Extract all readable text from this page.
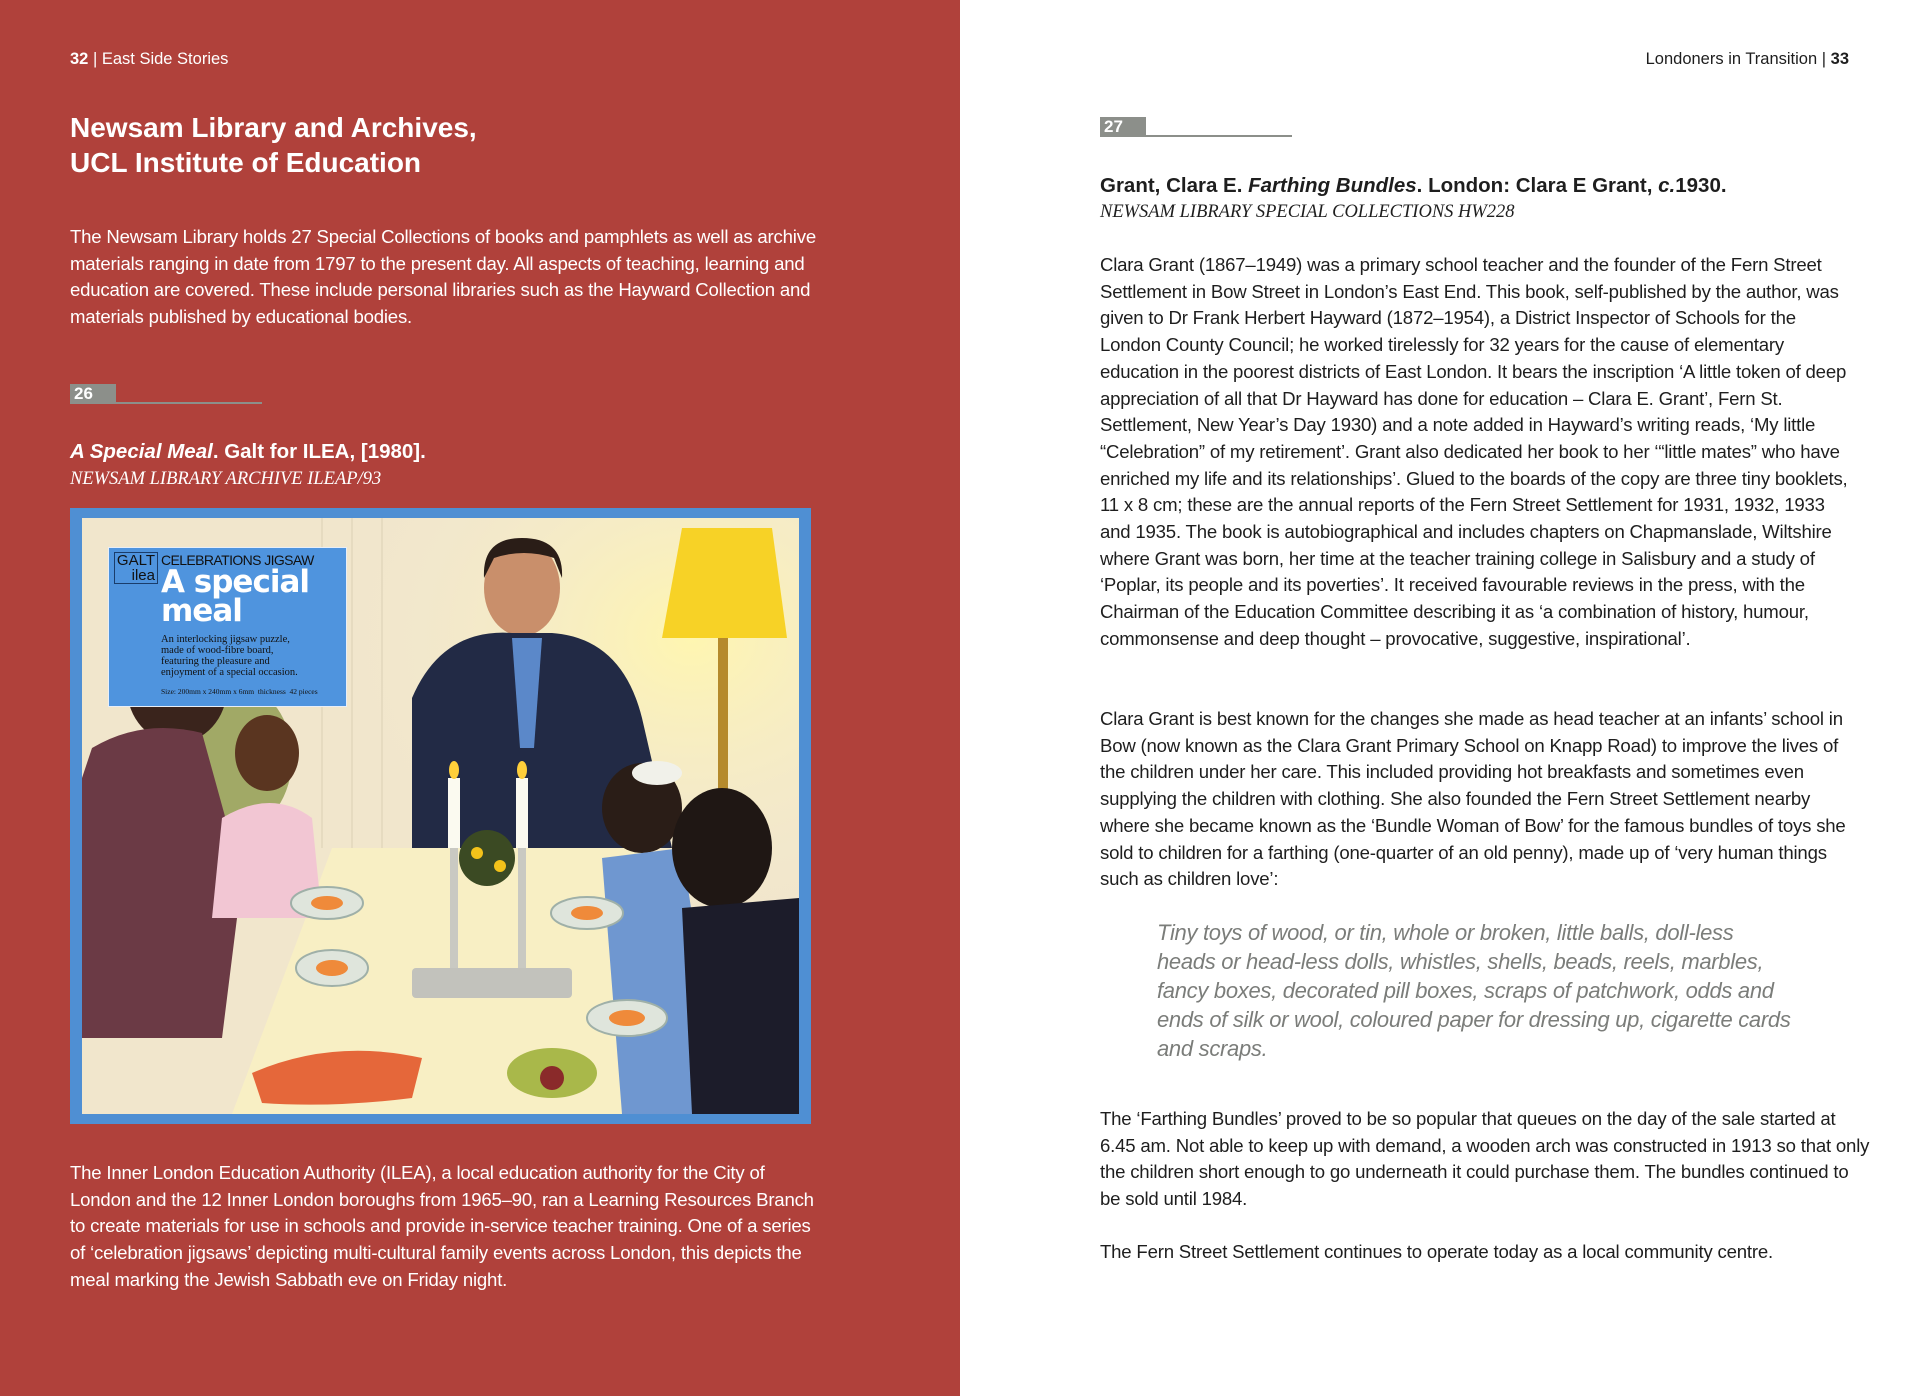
32 | East Side Stories
Newsam Library and Archives,
UCL Institute of Education
The Newsam Library holds 27 Special Collections of books and pamphlets as well as archive materials ranging in date from 1797 to the present day. All aspects of teaching, learning and education are covered. These include personal libraries such as the Hayward Collection and materials published by educational bodies.
26
A Special Meal. Galt for ILEA, [1980].
NEWSAM LIBRARY ARCHIVE ILEAP/93
GALT
ilea
CELEBRATIONS JIGSAW
A special
meal
An interlocking jigsaw puzzle, made of wood-fibre board, featuring the pleasure and enjoyment of a special occasion.
Size: 200mm x 240mm x 6mm  thickness  42 pieces
The Inner London Education Authority (ILEA), a local education authority for the City of London and the 12 Inner London boroughs from 1965–90, ran a Learning Resources Branch to create materials for use in schools and provide in-service teacher training. One of a series of ‘celebration jigsaws’ depicting multi-cultural family events across London, this depicts the meal marking the Jewish Sabbath eve on Friday night.
Londoners in Transition | 33
27
Grant, Clara E. Farthing Bundles. London: Clara E Grant, c.1930.
NEWSAM LIBRARY SPECIAL COLLECTIONS HW228
Clara Grant (1867–1949) was a primary school teacher and the founder of the Fern Street Settlement in Bow Street in London’s East End. This book, self-published by the author, was given to Dr Frank Herbert Hayward (1872–1954), a District Inspector of Schools for the London County Council; he worked tirelessly for 32 years for the cause of elementary education in the poorest districts of East London. It bears the inscription ‘A little token of deep appreciation of all that Dr Hayward has done for education – Clara E. Grant’, Fern St. Settlement, New Year’s Day 1930) and a note added in Hayward’s writing reads, ‘My little “Celebration” of my retirement’. Grant also dedicated her book to her ‘“little mates” who have enriched my life and its relationships’. Glued to the boards of the copy are three tiny booklets, 11 x 8 cm; these are the annual reports of the Fern Street Settlement for 1931, 1932, 1933 and 1935. The book is autobiographical and includes chapters on Chapmanslade, Wiltshire where Grant was born, her time at the teacher training college in Salisbury and a study of ‘Poplar, its people and its poverties’. It received favourable reviews in the press, with the Chairman of the Education Committee describing it as ‘a combination of history, humour, commonsense and deep thought – provocative, suggestive, inspirational’.
Clara Grant is best known for the changes she made as head teacher at an infants’ school in Bow (now known as the Clara Grant Primary School on Knapp Road) to improve the lives of the children under her care. This included providing hot breakfasts and sometimes even supplying the children with clothing. She also founded the Fern Street Settlement nearby where she became known as the ‘Bundle Woman of Bow’ for the famous bundles of toys she sold to children for a farthing (one-quarter of an old penny), made up of ‘very human things such as children love’:
Tiny toys of wood, or tin, whole or broken, little balls, doll-less heads or head-less dolls, whistles, shells, beads, reels, marbles, fancy boxes, decorated pill boxes, scraps of patchwork, odds and ends of silk or wool, coloured paper for dressing up, cigarette cards and scraps.
The ‘Farthing Bundles’ proved to be so popular that queues on the day of the sale started at 6.45 am. Not able to keep up with demand, a wooden arch was constructed in 1913 so that only the children short enough to go underneath it could purchase them. The bundles continued to be sold until 1984.
The Fern Street Settlement continues to operate today as a local community centre.
